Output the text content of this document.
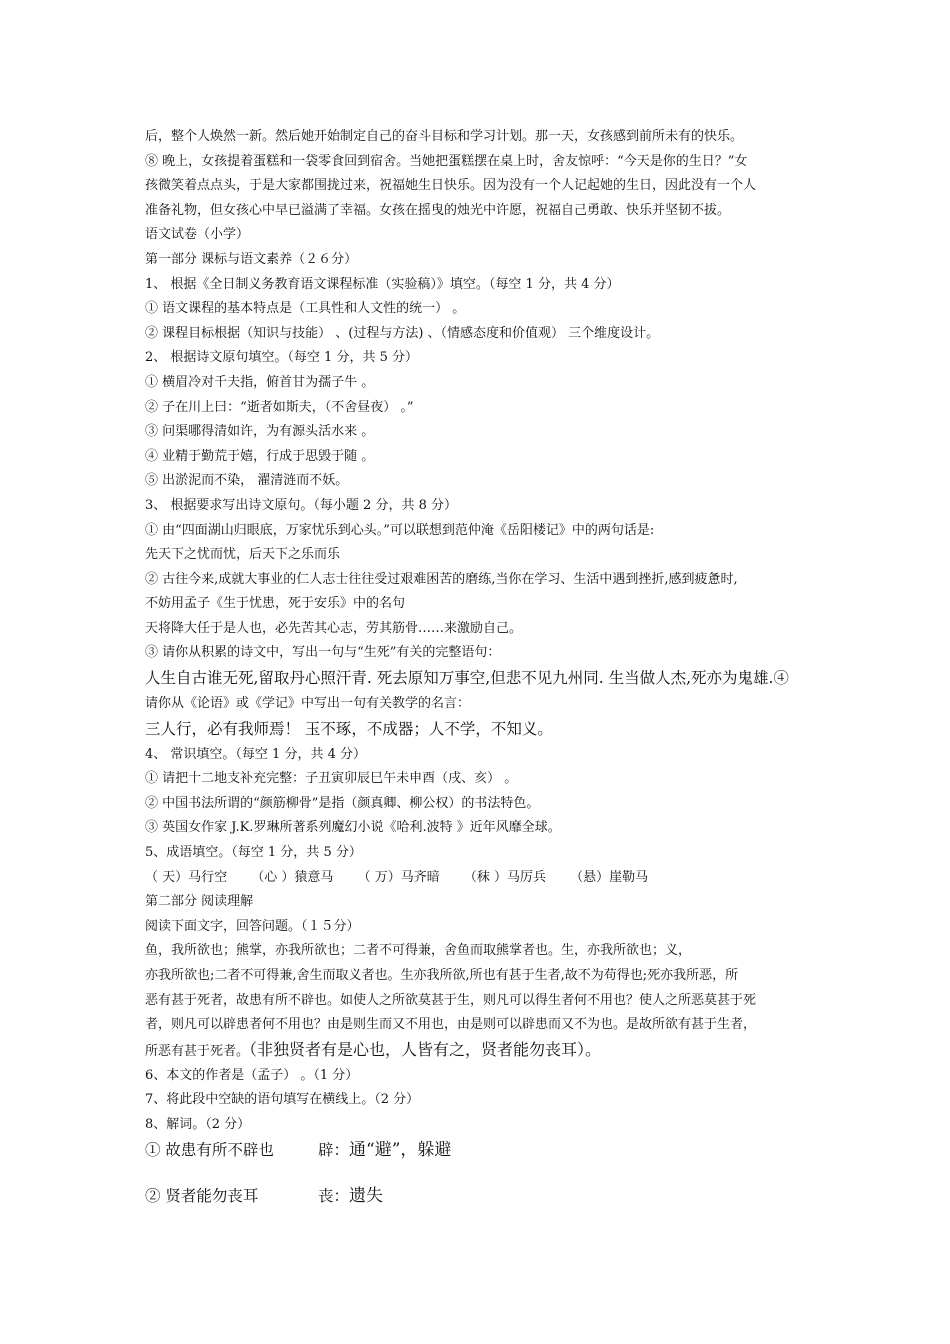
后，整个人焕然一新。然后她开始制定自己的奋斗目标和学习计划。那一天，女孩感到前所未有的快乐。
⑧ 晚上，女孩提着蛋糕和一袋零食回到宿舍。当她把蛋糕摆在桌上时，舍友惊呼：“今天是你的生日？”女
孩微笑着点点头，于是大家都围拢过来，祝福她生日快乐。因为没有一个人记起她的生日，因此没有一个人
准备礼物，但女孩心中早已溢满了幸福。女孩在摇曳的烛光中许愿，祝福自己勇敢、快乐并坚韧不拔。
语文试卷（小学）
第一部分 课标与语文素养（２６分）
1、 根据《全日制义务教育语文课程标准（实验稿）》填空。（每空 1 分，共 4 分）
① 语文课程的基本特点是（工具性和人文性的统一） 。
② 课程目标根据（知识与技能） 、(过程与方法) 、（情感态度和价值观） 三个维度设计。
2、 根据诗文原句填空。（每空 1 分，共 5 分）
① 横眉冷对千夫指，俯首甘为孺子牛 。
② 子在川上曰：“逝者如斯夫，（不舍昼夜） 。”
③ 问渠哪得清如许，为有源头活水来 。
④ 业精于勤荒于嬉，行成于思毁于随 。
⑤ 出淤泥而不染， 濯清涟而不妖。
3、 根据要求写出诗文原句。（每小题 2 分，共 8 分）
① 由“四面湖山归眼底，万家忧乐到心头。”可以联想到范仲淹《岳阳楼记》中的两句话是:
先天下之忧而忧，后天下之乐而乐
② 古往今来,成就大事业的仁人志士往往受过艰难困苦的磨练,当你在学习、生活中遇到挫折,感到疲惫时,
不妨用孟子《生于忧患，死于安乐》中的名句
天将降大任于是人也，必先苦其心志，劳其筋骨……来激励自己。
③ 请你从积累的诗文中，写出一句与“生死”有关的完整语句：
人生自古谁无死,留取丹心照汗青. 死去原知万事空,但悲不见九州同. 生当做人杰,死亦为鬼雄.④
请你从《论语》或《学记》中写出一句有关教学的名言：
三人行，必有我师焉！ 玉不琢，不成器；人不学，不知义。
4、 常识填空。（每空 1 分，共 4 分）
① 请把十二地支补充完整：子丑寅卯辰巳午未申酉（戌、亥） 。
② 中国书法所谓的“颜筋柳骨”是指（颜真卿、柳公权）的书法特色。
③ 英国女作家 J.K.罗琳所著系列魔幻小说《哈利.波特 》近年风靡全球。
5、成语填空。（每空 1 分，共 5 分）
（ 天）马行空 （心 ）猿意马 （ 万）马齐暗 （秣 ）马厉兵 （悬）崖勒马
第二部分 阅读理解
阅读下面文字，回答问题。（１５分）
鱼，我所欲也；熊掌，亦我所欲也；二者不可得兼，舍鱼而取熊掌者也。生，亦我所欲也；义，
亦我所欲也;二者不可得兼,舍生而取义者也。生亦我所欲,所也有甚于生者,故不为苟得也;死亦我所恶，所
恶有甚于死者，故患有所不辟也。如使人之所欲莫甚于生，则凡可以得生者何不用也？使人之所恶莫甚于死
者，则凡可以辟患者何不用也？由是则生而又不用也，由是则可以辟患而又不为也。是故所欲有甚于生者，
所恶有甚于死者。（非独贤者有是心也，人皆有之，贤者能勿丧耳）。
6、本文的作者是（孟子） 。（1 分）
7、将此段中空缺的语句填写在横线上。（2 分）
8、解词。（2 分）
① 故患有所不辟也	辟：通“避”，躲避
② 贤者能勿丧耳	丧：遗失
